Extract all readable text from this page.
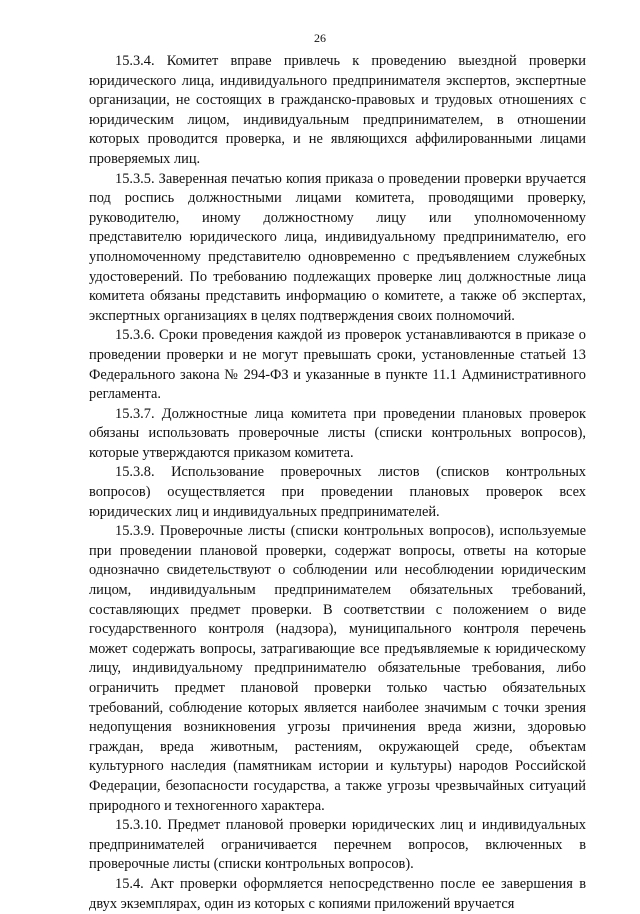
26

15.3.4. Комитет вправе привлечь к проведению выездной проверки юридического лица, индивидуального предпринимателя экспертов, экспертные организации, не состоящих в гражданско-правовых и трудовых отношениях с юридическим лицом, индивидуальным предпринимателем, в отношении которых проводится проверка, и не являющихся аффилированными лицами проверяемых лиц.

15.3.5. Заверенная печатью копия приказа о проведении проверки вручается под роспись должностными лицами комитета, проводящими проверку, руководителю, иному должностному лицу или уполномоченному представителю юридического лица, индивидуальному предпринимателю, его уполномоченному представителю одновременно с предъявлением служебных удостоверений. По требованию подлежащих проверке лиц должностные лица комитета обязаны представить информацию о комитете, а также об экспертах, экспертных организациях в целях подтверждения своих полномочий.

15.3.6. Сроки проведения каждой из проверок устанавливаются в приказе о проведении проверки и не могут превышать сроки, установленные статьей 13 Федерального закона № 294-ФЗ и указанные в пункте 11.1 Административного регламента.

15.3.7. Должностные лица комитета при проведении плановых проверок обязаны использовать проверочные листы (списки контрольных вопросов), которые утверждаются приказом комитета.

15.3.8. Использование проверочных листов (списков контрольных вопросов) осуществляется при проведении плановых проверок всех юридических лиц и индивидуальных предпринимателей.

15.3.9. Проверочные листы (списки контрольных вопросов), используемые при проведении плановой проверки, содержат вопросы, ответы на которые однозначно свидетельствуют о соблюдении или несоблюдении юридическим лицом, индивидуальным предпринимателем обязательных требований, составляющих предмет проверки. В соответствии с положением о виде государственного контроля (надзора), муниципального контроля перечень может содержать вопросы, затрагивающие все предъявляемые к юридическому лицу, индивидуальному предпринимателю обязательные требования, либо ограничить предмет плановой проверки только частью обязательных требований, соблюдение которых является наиболее значимым с точки зрения недопущения возникновения угрозы причинения вреда жизни, здоровью граждан, вреда животным, растениям, окружающей среде, объектам культурного наследия (памятникам истории и культуры) народов Российской Федерации, безопасности государства, а также угрозы чрезвычайных ситуаций природного и техногенного характера.

15.3.10. Предмет плановой проверки юридических лиц и индивидуальных предпринимателей ограничивается перечнем вопросов, включенных в проверочные листы (списки контрольных вопросов).

15.4. Акт проверки оформляется непосредственно после ее завершения в двух экземплярах, один из которых с копиями приложений вручается
